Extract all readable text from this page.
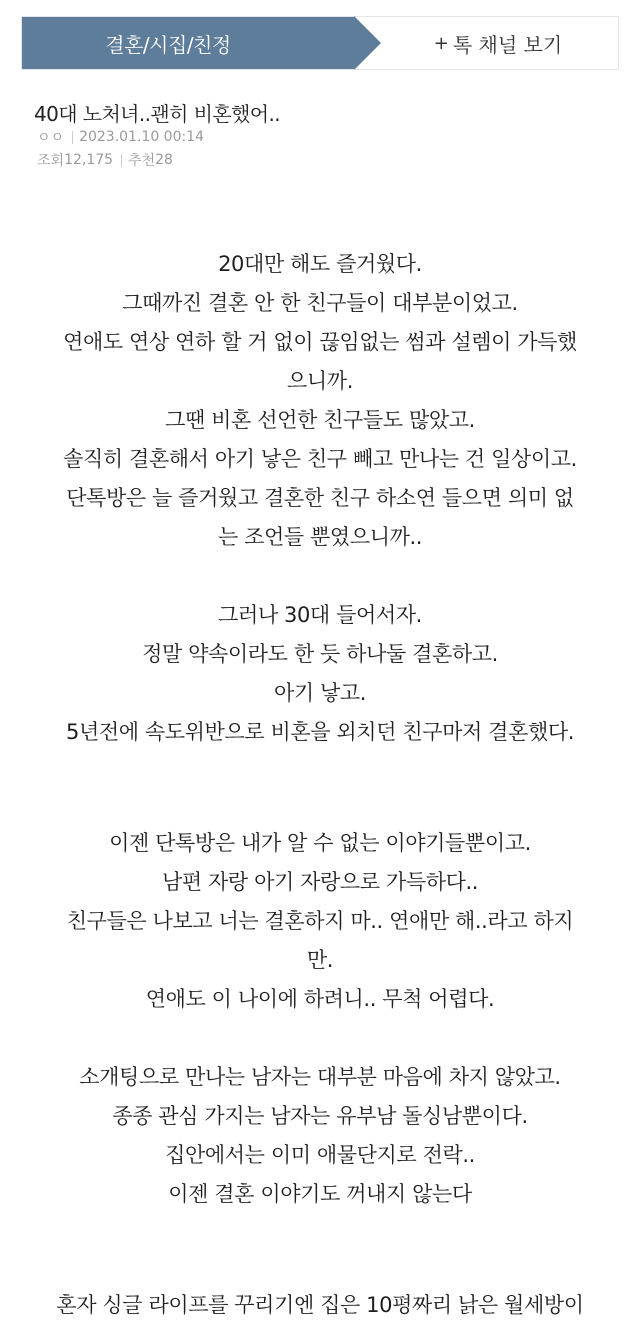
결혼/시집/친정	+ 톡 채널 보기
40대 노처녀..괜히 비혼했어..
ㅇㅇ 2023.01.10 00:14
조회 12,175 추천 28

20대만 해도 즐거웠다.

그때까진 결혼 안 한 친구들이 대부분이었고.

연애도 연상 연하 할 거 없이 끊임없는 썸과 설렘이 가득했

으니까.

그땐 비혼 선언한 친구들도 많았고.

솔직히 결혼해서 아기 낳은 친구 빼고 만나는 건 일상이고.

단톡방은 늘 즐거웠고 결혼한 친구 하소연 들으면 의미 없

는 조언들 뿐였으니까..

그러나 30대 들어서자.

정말 약속이라도 한 듯 하나둘 결혼하고.

아기 낳고.

5년전에 속도위반으로 비혼을 외치던 친구마저 결혼했다.

이젠 단톡방은 내가 알 수 없는 이야기들뿐이고.

남편 자랑 아기 자랑으로 가득하다..

친구들은 나보고 너는 결혼하지 마.. 연애만 해..라고 하지

만.

연애도 이 나이에 하려니.. 무척 어렵다.

소개팅으로 만나는 남자는 대부분 마음에 차지 않았고.

종종 관심 가지는 남자는 유부남 돌싱남뿐이다.

집안에서는 이미 애물단지로 전락..

이젠 결혼 이야기도 꺼내지 않는다

혼자 싱글 라이프를 꾸리기엔 집은 10평짜리 낡은 월세방이
